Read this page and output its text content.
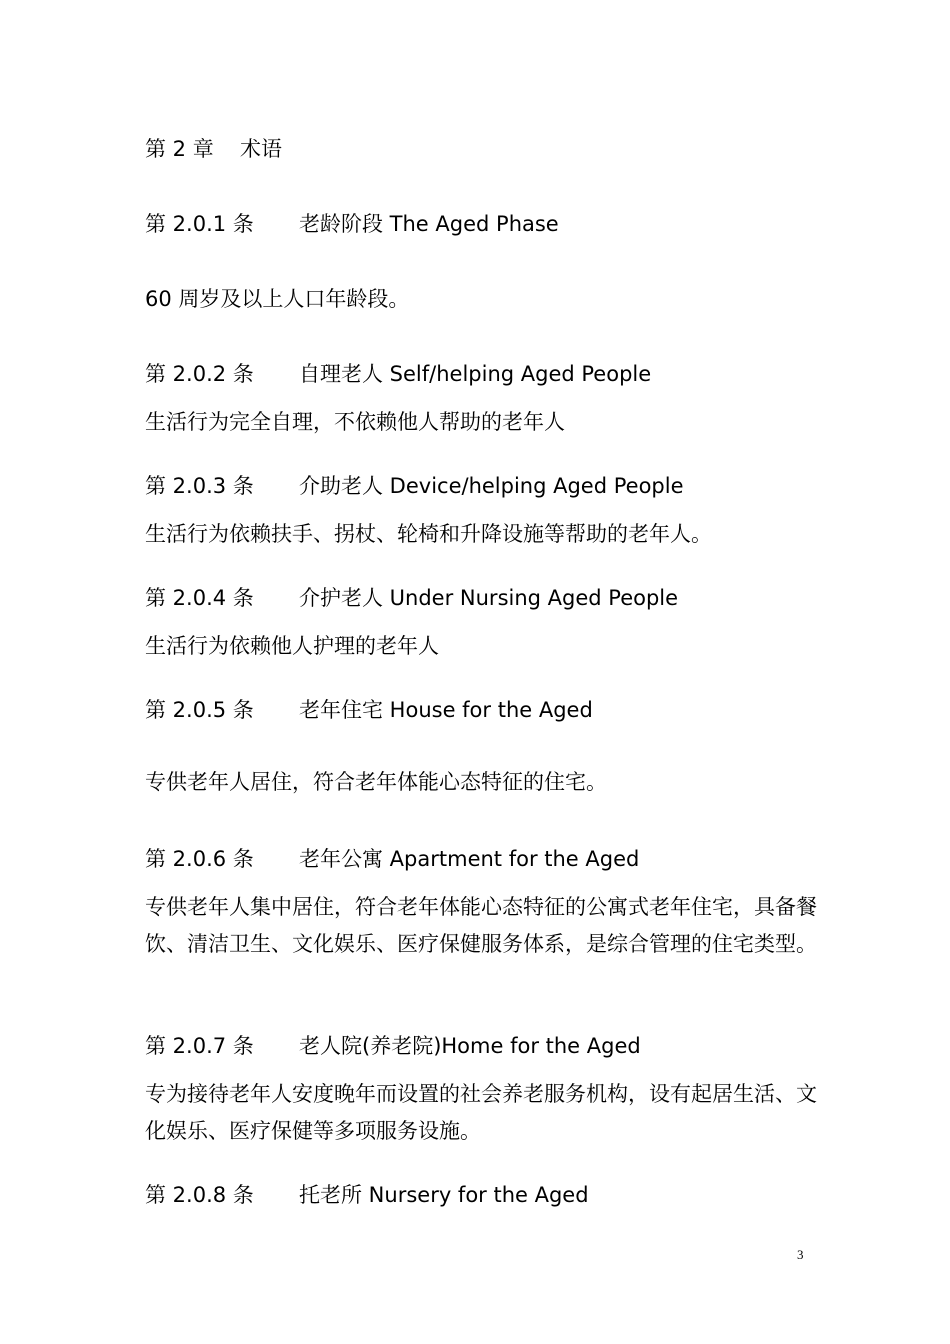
第 2 章 术语
第 2.0.1 条 老龄阶段 The Aged Phase
60 周岁及以上人口年龄段。
第 2.0.2 条 自理老人 Self/helping Aged People
生活行为完全自理，不依赖他人帮助的老年人
第 2.0.3 条 介助老人 Device/helping Aged People
生活行为依赖扶手、拐杖、轮椅和升降设施等帮助的老年人。
第 2.0.4 条 介护老人 Under Nursing Aged People
生活行为依赖他人护理的老年人
第 2.0.5 条 老年住宅 House for the Aged
专供老年人居住，符合老年体能心态特征的住宅。
第 2.0.6 条 老年公寓 Apartment for the Aged
专供老年人集中居住，符合老年体能心态特征的公寓式老年住宅，具备餐饮、清洁卫生、文化娱乐、医疗保健服务体系，是综合管理的住宅类型。
第 2.0.7 条 老人院(养老院)Home for the Aged
专为接待老年人安度晚年而设置的社会养老服务机构，设有起居生活、文化娱乐、医疗保健等多项服务设施。
第 2.0.8 条 托老所 Nursery for the Aged
3
